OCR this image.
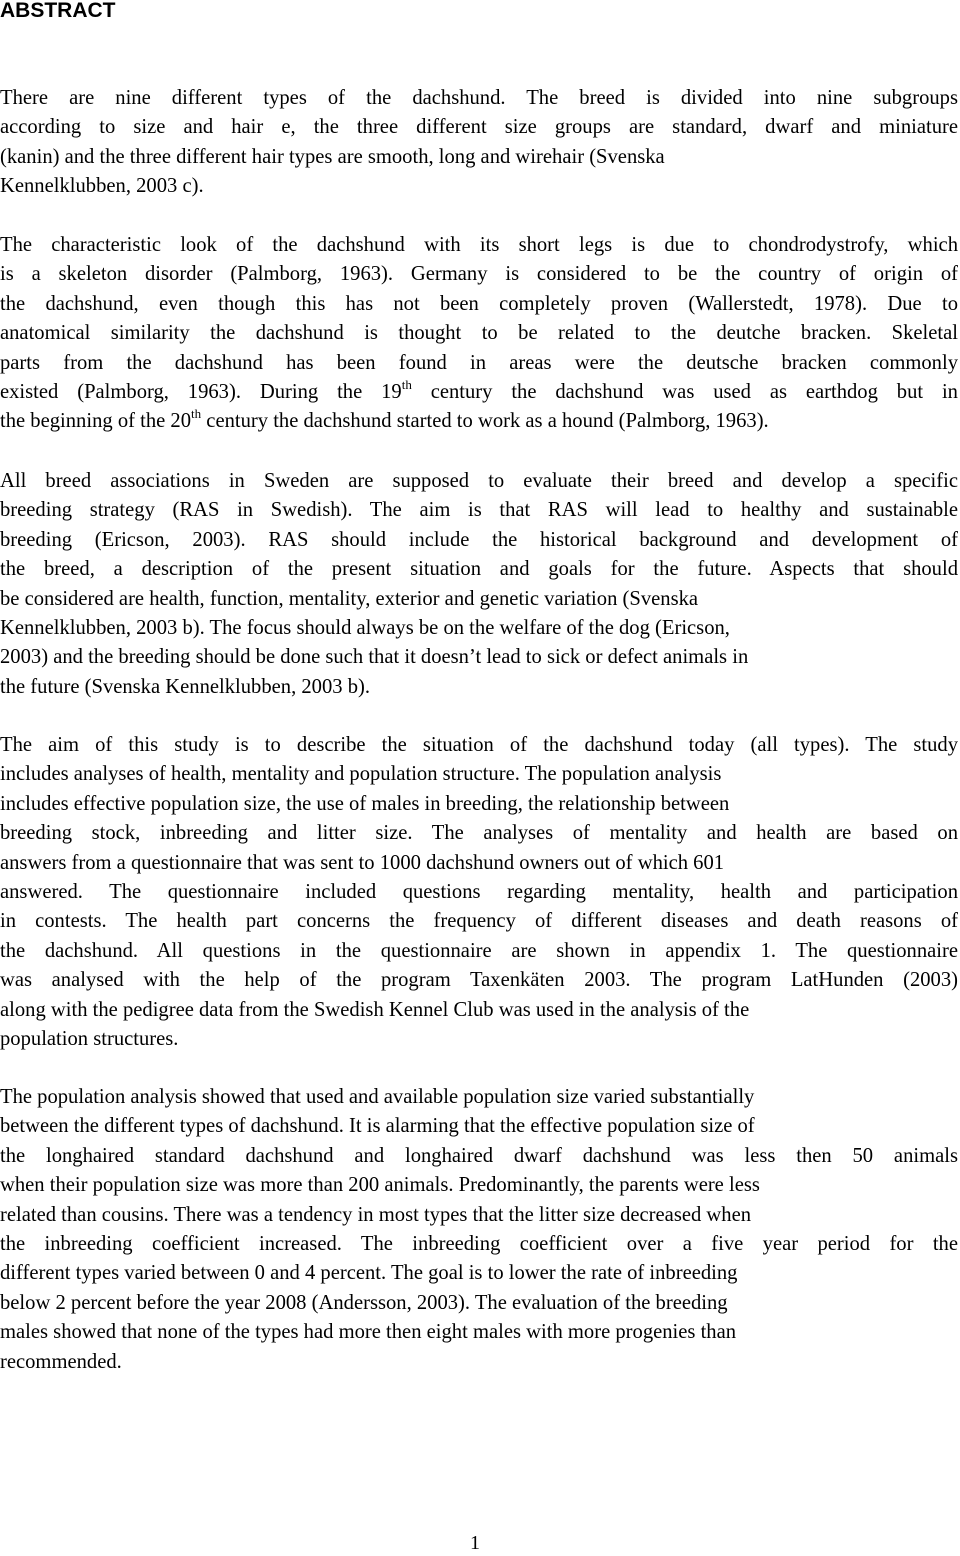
ABSTRACT

There are nine different types of the dachshund. The breed is divided into nine subgroups
according to size and hair e, the three different size groups are standard, dwarf and miniature
(kanin) and the three different hair types are smooth, long and wirehair (Svenska
Kennelklubben, 2003 c).

The characteristic look of the dachshund with its short legs is due to chondrodystrofy, which
is a skeleton disorder (Palmborg, 1963). Germany is considered to be the country of origin of
the dachshund, even though this has not been completely proven (Wallerstedt, 1978). Due to
anatomical similarity the dachshund is thought to be related to the deutche bracken. Skeletal
parts from the dachshund has been found in areas were the deutsche bracken commonly
existed (Palmborg, 1963). During the 19th century the dachshund was used as earthdog but in
the beginning of the 20th century the dachshund started to work as a hound (Palmborg, 1963).

All breed associations in Sweden are supposed to evaluate their breed and develop a specific
breeding strategy (RAS in Swedish). The aim is that RAS will lead to healthy and sustainable
breeding (Ericson, 2003). RAS should include the historical background and development of
the breed, a description of the present situation and goals for the future. Aspects that should
be considered are health, function, mentality, exterior and genetic variation (Svenska
Kennelklubben, 2003 b). The focus should always be on the welfare of the dog (Ericson,
2003) and the breeding should be done such that it doesn’t lead to sick or defect animals in
the future (Svenska Kennelklubben, 2003 b).

The aim of this study is to describe the situation of the dachshund today (all types). The study
includes analyses of health, mentality and population structure. The population analysis
includes effective population size, the use of males in breeding, the relationship between
breeding stock, inbreeding and litter size. The analyses of mentality and health are based on
answers from a questionnaire that was sent to 1000 dachshund owners out of which 601
answered. The questionnaire included questions regarding mentality, health and participation
in contests. The health part concerns the frequency of different diseases and death reasons of
the dachshund. All questions in the questionnaire are shown in appendix 1. The questionnaire
was analysed with the help of the program Taxenkäten 2003. The program LatHunden (2003)
along with the pedigree data from the Swedish Kennel Club was used in the analysis of the
population structures.

The population analysis showed that used and available population size varied substantially
between the different types of dachshund. It is alarming that the effective population size of
the longhaired standard dachshund and longhaired dwarf dachshund was less then 50 animals
when their population size was more than 200 animals. Predominantly, the parents were less
related than cousins. There was a tendency in most types that the litter size decreased when
the inbreeding coefficient increased. The inbreeding coefficient over a five year period for the
different types varied between 0 and 4 percent. The goal is to lower the rate of inbreeding
below 2 percent before the year 2008 (Andersson, 2003). The evaluation of the breeding
males showed that none of the types had more then eight males with more progenies than
recommended.

1
